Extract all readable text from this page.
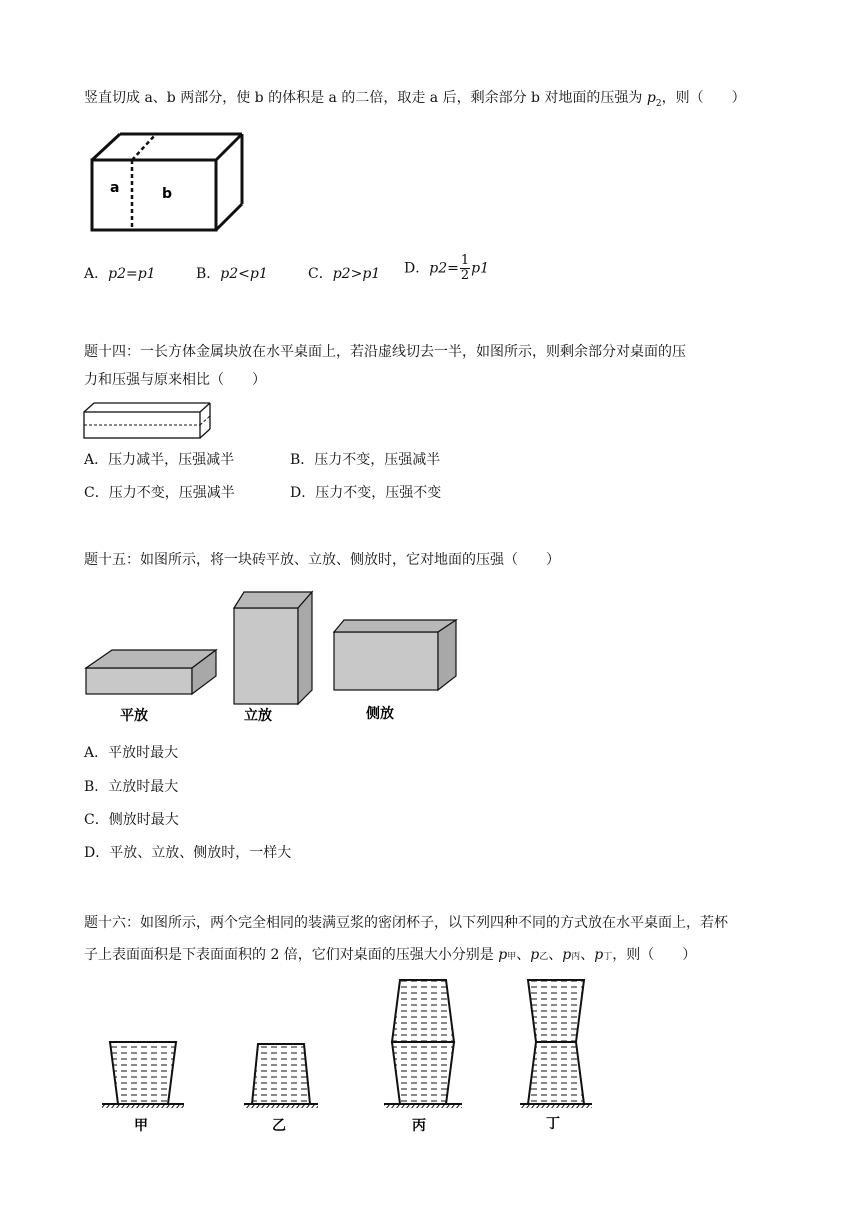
竖直切成 a、b 两部分，使 b 的体积是 a 的二倍，取走 a 后，剩余部分 b 对地面的压强为 $p_2$，则（　　）
a	b
A．p2=p1	B．p2<p1	C．p2>p1 D．$p2= \frac{1}{2} p1$
题十四：一长方体金属块放在水平桌面上，若沿虚线切去一半，如图所示，则剩余部分对桌面的压
力和压强与原来相比（　　）
A．压力减半，压强减半	B．压力不变，压强减半
C．压力不变，压强减半	D．压力不变，压强不变
题十五：如图所示，将一块砖平放、立放、侧放时，它对地面的压强（　　）
平放	立放	侧放
A．平放时最大
B．立放时最大
C．侧放时最大
D．平放、立放、侧放时，一样大
题十六：如图所示，两个完全相同的装满豆浆的密闭杯子，以下列四种不同的方式放在水平桌面上，若杯
子上表面面积是下表面面积的 2 倍，它们对桌面的压强大小分别是 p甲、p乙、p丙、p丁，则（　　）
甲	乙	丙	丁
